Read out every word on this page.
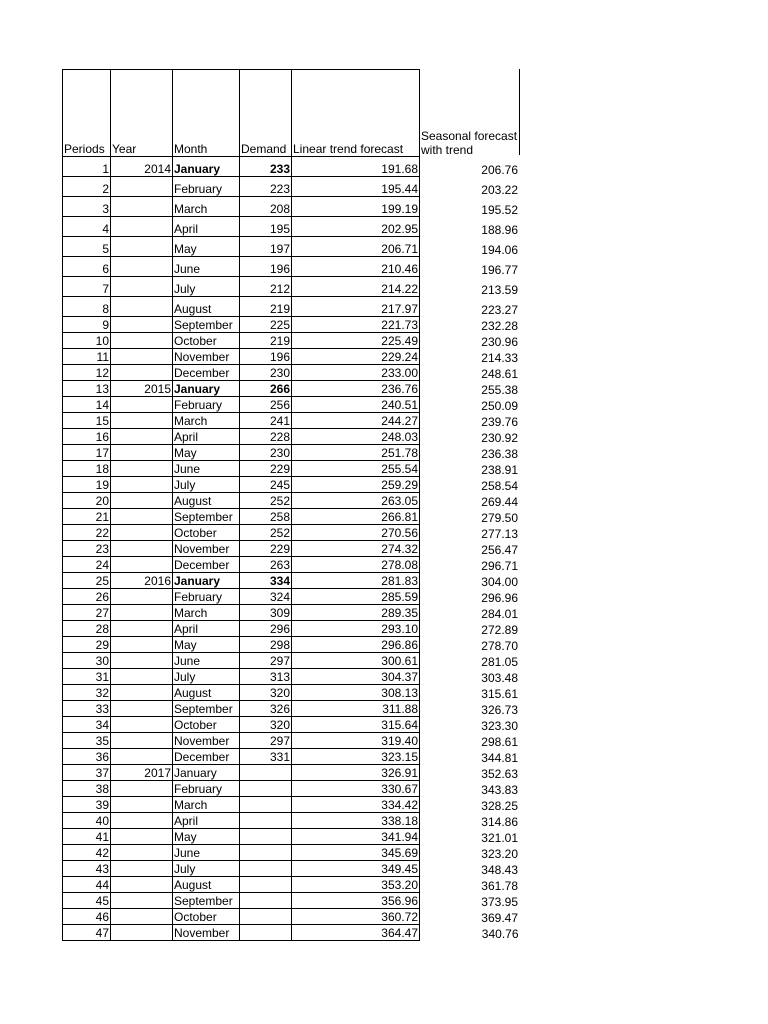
Periods	Year	Month	Demand	Linear trend forecast	Seasonal forecast with trend
1	2014	January	233	191.68	206.76
2		February	223	195.44	203.22
3		March	208	199.19	195.52
4		April	195	202.95	188.96
5		May	197	206.71	194.06
6		June	196	210.46	196.77
7		July	212	214.22	213.59
8		August	219	217.97	223.27
9		September	225	221.73	232.28
10		October	219	225.49	230.96
11		November	196	229.24	214.33
12		December	230	233.00	248.61
13	2015	January	266	236.76	255.38
14		February	256	240.51	250.09
15		March	241	244.27	239.76
16		April	228	248.03	230.92
17		May	230	251.78	236.38
18		June	229	255.54	238.91
19		July	245	259.29	258.54
20		August	252	263.05	269.44
21		September	258	266.81	279.50
22		October	252	270.56	277.13
23		November	229	274.32	256.47
24		December	263	278.08	296.71
25	2016	January	334	281.83	304.00
26		February	324	285.59	296.96
27		March	309	289.35	284.01
28		April	296	293.10	272.89
29		May	298	296.86	278.70
30		June	297	300.61	281.05
31		July	313	304.37	303.48
32		August	320	308.13	315.61
33		September	326	311.88	326.73
34		October	320	315.64	323.30
35		November	297	319.40	298.61
36		December	331	323.15	344.81
37	2017	January		326.91	352.63
38		February		330.67	343.83
39		March		334.42	328.25
40		April		338.18	314.86
41		May		341.94	321.01
42		June		345.69	323.20
43		July		349.45	348.43
44		August		353.20	361.78
45		September		356.96	373.95
46		October		360.72	369.47
47		November		364.47	340.76
